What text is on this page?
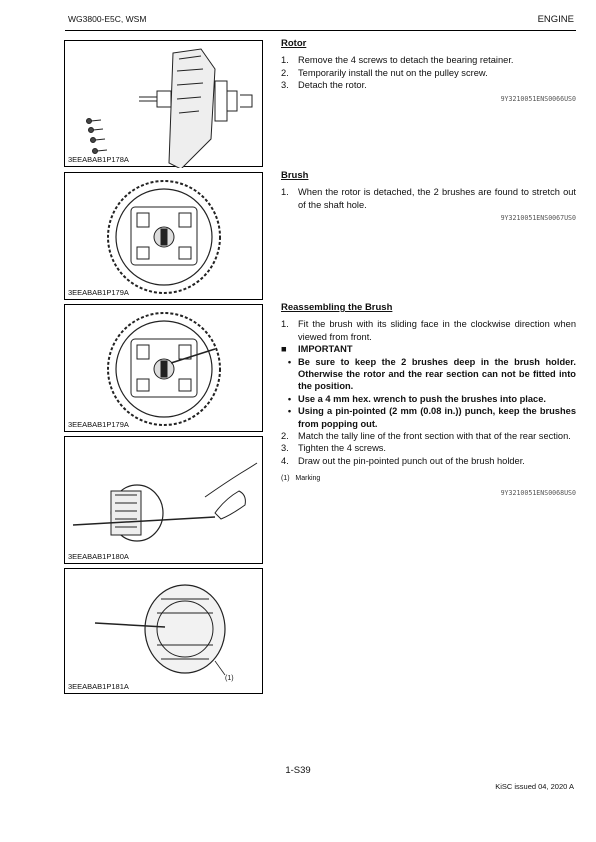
WG3800-E5C, WSM	ENGINE
3EEABAB1P178A
3EEABAB1P179A
3EEABAB1P179A
3EEABAB1P180A
(1)
3EEABAB1P181A
Rotor
1. Remove the 4 screws to detach the bearing retainer.
2. Temporarily install the nut on the pulley screw.
3. Detach the rotor.
9Y3210051ENS0066US0
Brush
1. When the rotor is detached, the 2 brushes are found to stretch out of the shaft hole.
9Y3210051ENS0067US0
Reassembling the Brush
1. Fit the brush with its sliding face in the clockwise direction when viewed from front.
■	IMPORTANT
• Be sure to keep the 2 brushes deep in the brush holder. Otherwise the rotor and the rear section can not be fitted into the position.
• Use a 4 mm hex. wrench to push the brushes into place.
• Using a pin-pointed (2 mm (0.08 in.)) punch, keep the brushes from popping out.
2. Match the tally line of the front section with that of the rear section.
3. Tighten the 4 screws.
4. Draw out the pin-pointed punch out of the brush holder.
(1)   Marking
9Y3210051ENS0068US0
1-S39
KiSC issued 04, 2020 A
